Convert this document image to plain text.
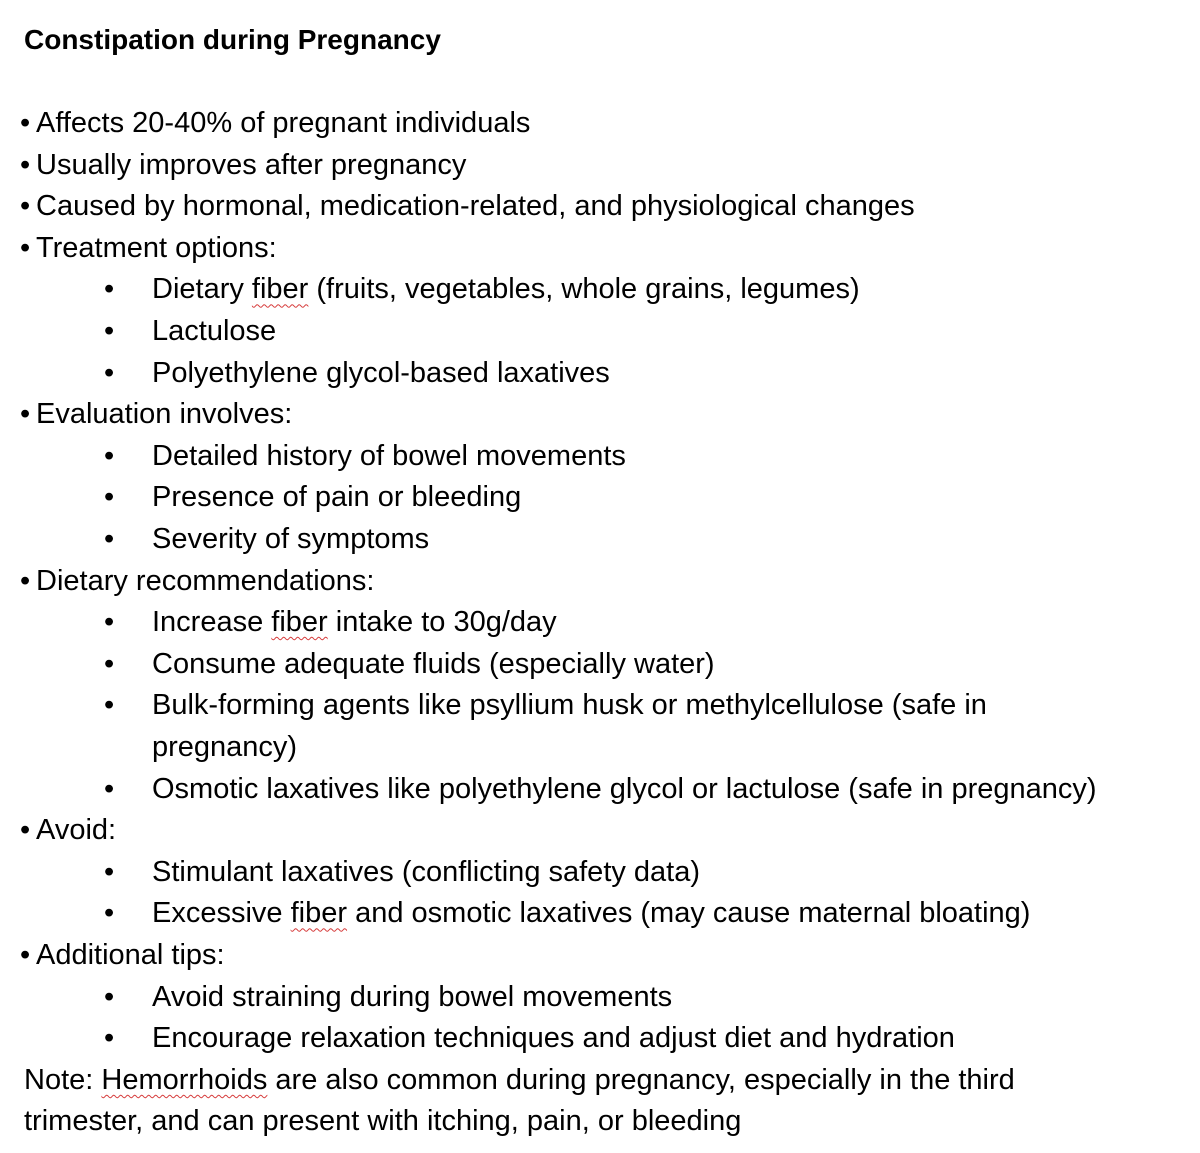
Constipation during Pregnancy
• Affects 20-40% of pregnant individuals
• Usually improves after pregnancy
• Caused by hormonal, medication-related, and physiological changes
• Treatment options:
• Dietary fiber (fruits, vegetables, whole grains, legumes)
• Lactulose
• Polyethylene glycol-based laxatives
• Evaluation involves:
• Detailed history of bowel movements
• Presence of pain or bleeding
• Severity of symptoms
• Dietary recommendations:
• Increase fiber intake to 30g/day
• Consume adequate fluids (especially water)
• Bulk-forming agents like psyllium husk or methylcellulose (safe in
pregnancy)
• Osmotic laxatives like polyethylene glycol or lactulose (safe in pregnancy)
• Avoid:
• Stimulant laxatives (conflicting safety data)
• Excessive fiber and osmotic laxatives (may cause maternal bloating)
• Additional tips:
• Avoid straining during bowel movements
• Encourage relaxation techniques and adjust diet and hydration
Note: Hemorrhoids are also common during pregnancy, especially in the third
trimester, and can present with itching, pain, or bleeding
